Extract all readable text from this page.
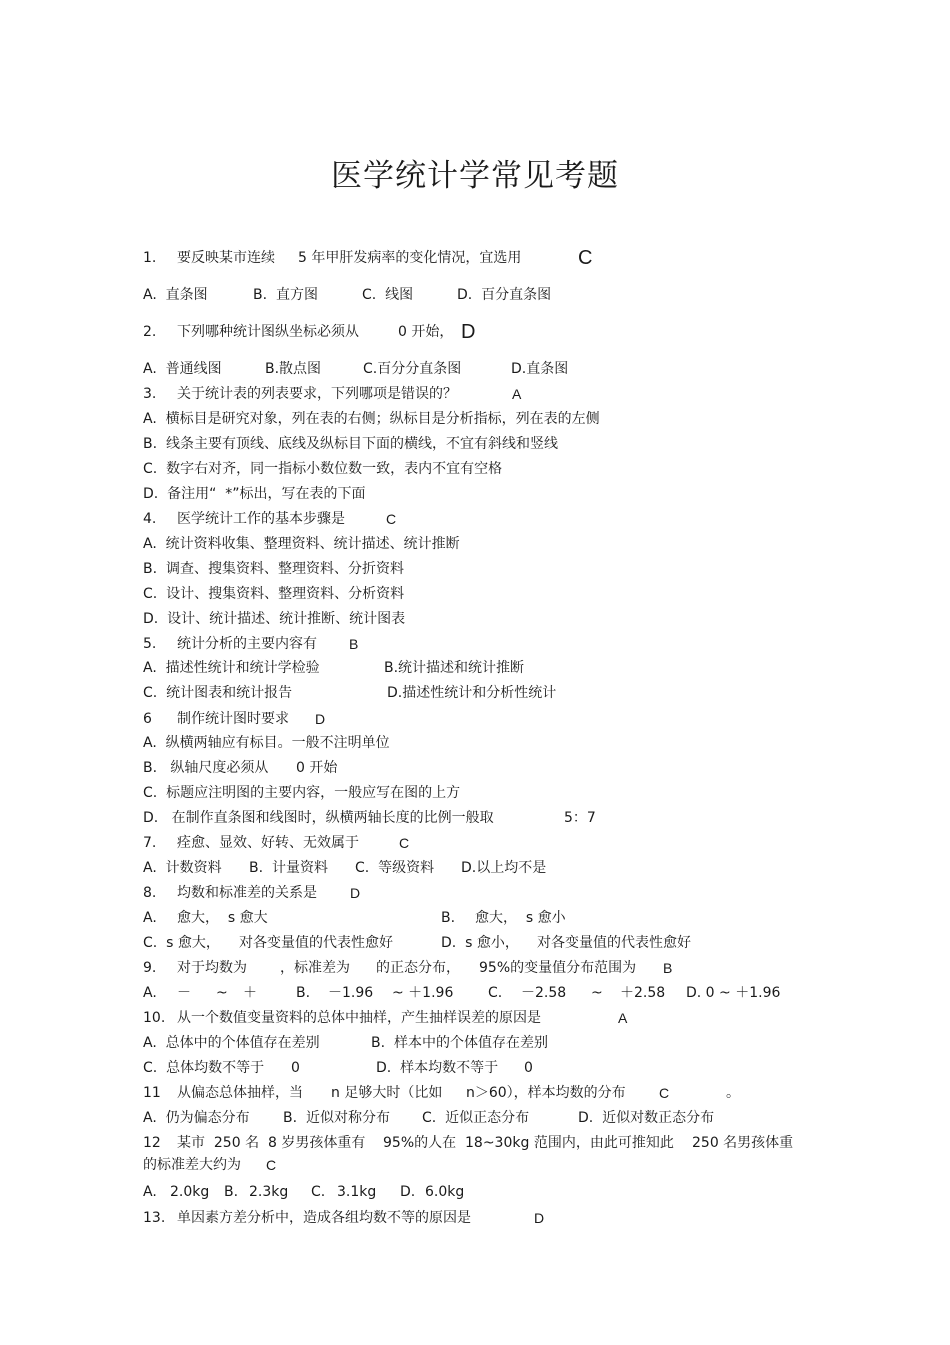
医学统计学常见考题
1. 要反映某市连续 5 年甲肝发病率的变化情况，宜选用	C
A.  直条图	B.  直方图	C.  线图	D.  百分直条图
2. 下列哪种统计图纵坐标必须从	0 开始， D
A.  普通线图	B.散点图	C.百分分直条图	D.直条图
3. 关于统计表的列表要求，下列哪项是错误的？	A
A.  横标目是研究对象，列在表的右侧；纵标目是分析指标，列在表的左侧
B.  线条主要有顶线、底线及纵标目下面的横线，不宜有斜线和竖线
C.  数字右对齐，同一指标小数位数一致，表内不宜有空格
D.  备注用“  *”标出，写在表的下面
4. 医学统计工作的基本步骤是	C
A.  统计资料收集、整理资料、统计描述、统计推断
B.  调查、搜集资料、整理资料、分折资料
C.  设计、搜集资料、整理资料、分析资料
D.  设计、统计描述、统计推断、统计图表
5. 统计分析的主要内容有 B
A.  描述性统计和统计学检验	B.统计描述和统计推断
C.  统计图表和统计报告	D.描述性统计和分析性统计
6 制作统计图时要求 D
A.  纵横两轴应有标目。一般不注明单位
B.   纵轴尺度必须从 0 开始
C.  标题应注明图的主要内容，一般应写在图的上方
D.   在制作直条图和线图时，纵横两轴长度的比例一般取	5：7
7. 痊愈、显效、好转、无效属于	C
A.  计数资料 B.  计量资料 C.  等级资料 D.以上均不是
8. 均数和标准差的关系是 D
A. 愈大，  s 愈大	B. 愈大，  s 愈小
C.  s 愈大， 对各变量值的代表性愈好	D.  s 愈小， 对各变量值的代表性愈好
9. 对于均数为 ，标准差为 的正态分布， 95%的变量值分布范围为 B
A. － ~ ＋	B. －1.96 ~ ＋1.96 C. －2.58 ~ ＋2.58 D. 0 ~ ＋1.96
10. 从一个数值变量资料的总体中抽样，产生抽样误差的原因是	A
A.  总体中的个体值存在差别	B.  样本中的个体值存在差别
C.  总体均数不等于 0	D.  样本均数不等于 0
11 从偏态总体抽样，当 n 足够大时（比如 n＞60），样本均数的分布 C	。
A.  仍为偏态分布 B.  近似对称分布 C.  近似正态分布	D.  近似对数正态分布
12 某市  250 名  8 岁男孩体重有 95%的人在  18~30kg 范围内，由此可推知此 250 名男孩体重
的标准差大约为 C
A. 2.0kg B. 2.3kg C. 3.1kg D. 6.0kg
13. 单因素方差分析中，造成各组均数不等的原因是	D
